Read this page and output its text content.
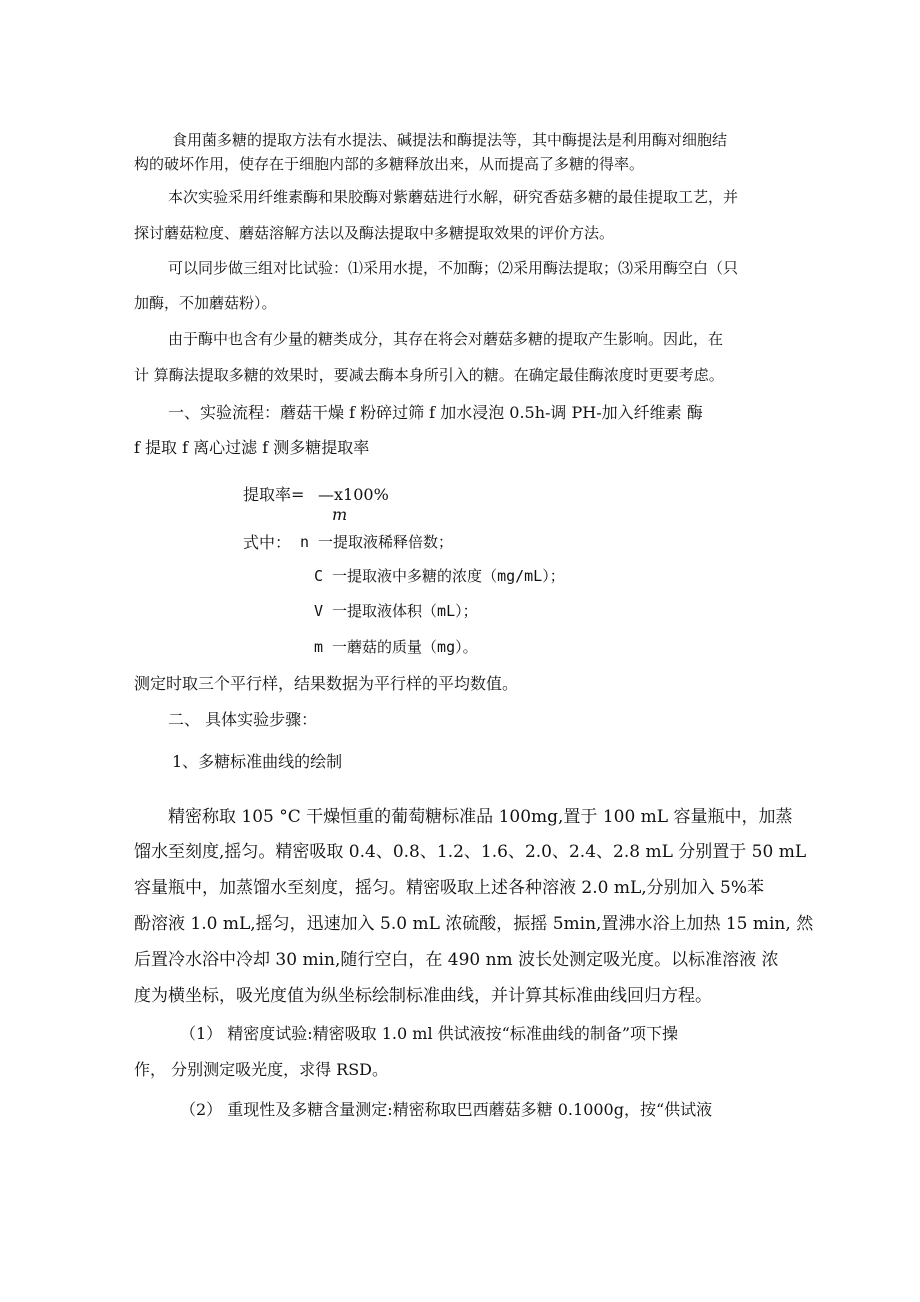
食用菌多糖的提取方法有水提法、碱提法和酶提法等，其中酶提法是利用酶对细胞结
构的破坏作用，使存在于细胞内部的多糖释放出来，从而提高了多糖的得率。
本次实验采用纤维素酶和果胶酶对紫蘑菇进行水解，研究香菇多糖的最佳提取工艺，并
探讨蘑菇粒度、蘑菇溶解方法以及酶法提取中多糖提取效果的评价方法。
可以同步做三组对比试验：⑴采用水提，不加酶；⑵采用酶法提取；⑶采用酶空白（只
加酶，不加蘑菇粉）。
由于酶中也含有少量的糖类成分，其存在将会对蘑菇多糖的提取产生影响。因此，在
计 算酶法提取多糖的效果时，要减去酶本身所引入的糖。在确定最佳酶浓度时更要考虑。
一、实验流程：蘑菇干燥 f 粉碎过筛 f 加水浸泡 0.5h-调 PH-加入纤维素 酶
f 提取 f 离心过滤 f 测多糖提取率
提取率= —x100%
m
式中： n 一提取液稀释倍数；
C 一提取液中多糖的浓度（mg/mL）；
V 一提取液体积（mL）；
m 一蘑菇的质量（mg）。
测定时取三个平行样，结果数据为平行样的平均数值。
二、 具体实验步骤：
1、多糖标准曲线的绘制
精密称取 105 °C 干燥恒重的葡萄糖标准品 100mg,置于 100 mL 容量瓶中，加蒸
馏水至刻度,摇匀。精密吸取 0.4、0.8、1.2、1.6、2.0、2.4、2.8 mL 分别置于 50 mL
容量瓶中，加蒸馏水至刻度，摇匀。精密吸取上述各种溶液 2.0 mL,分别加入 5%苯
酚溶液 1.0 mL,摇匀，迅速加入 5.0 mL 浓硫酸，振摇 5min,置沸水浴上加热 15 min, 然
后置冷水浴中冷却 30 min,随行空白，在 490 nm 波长处测定吸光度。以标准溶液 浓
度为横坐标，吸光度值为纵坐标绘制标准曲线，并计算其标准曲线回归方程。
（1） 精密度试验:精密吸取 1.0 ml 供试液按“标准曲线的制备”项下操
作， 分别测定吸光度，求得 RSD。
（2） 重现性及多糖含量测定:精密称取巴西蘑菇多糖 0.1000g，按“供试液
